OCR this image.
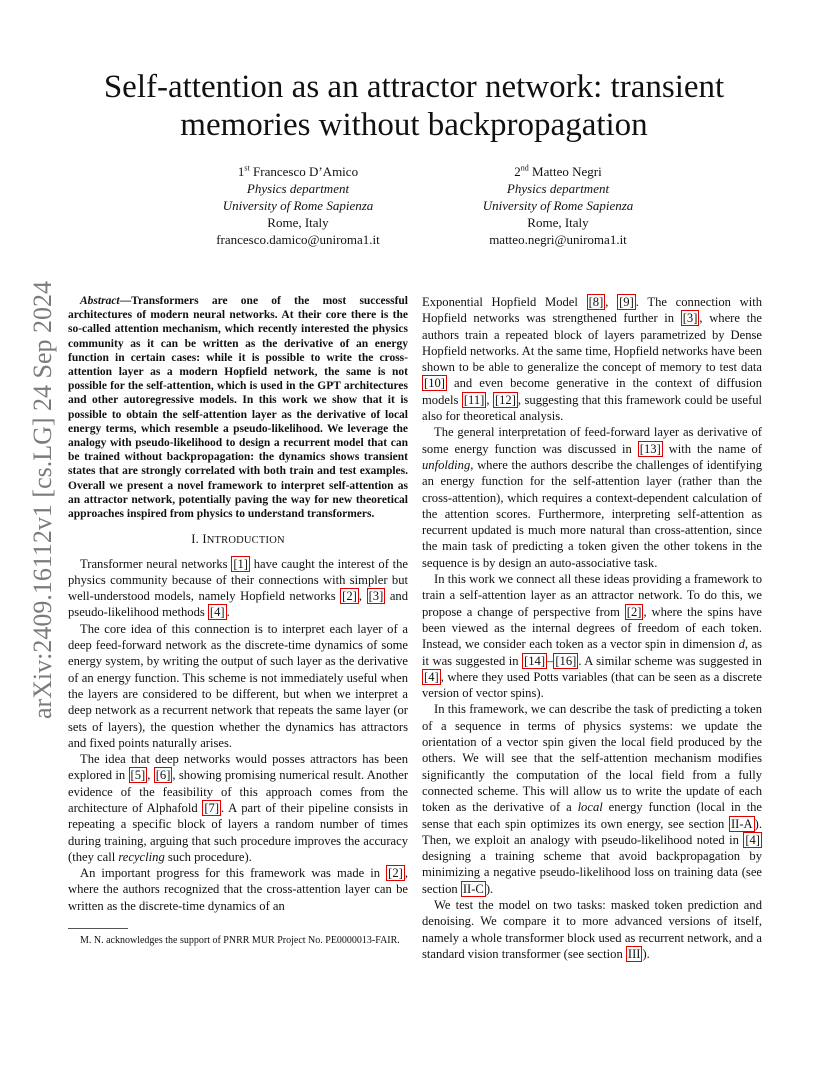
Self-attention as an attractor network: transient memories without backpropagation
1st Francesco D’Amico
Physics department
University of Rome Sapienza
Rome, Italy
francesco.damico@uniroma1.it
2nd Matteo Negri
Physics department
University of Rome Sapienza
Rome, Italy
matteo.negri@uniroma1.it
arXiv:2409.16112v1 [cs.LG] 24 Sep 2024	Abstract—Transformers are one of the most successful architectures of modern neural networks. At their core there is the so-called attention mechanism, which recently interested the physics community as it can be written as the derivative of an energy function in certain cases: while it is possible to write the cross-attention layer as a modern Hopfield network, the same is not possible for the self-attention, which is used in the GPT architectures and other autoregressive models. In this work we show that it is possible to obtain the self-attention layer as the derivative of local energy terms, which resemble a pseudo-likelihood. We leverage the analogy with pseudo-likelihood to design a recurrent model that can be trained without backpropagation: the dynamics shows transient states that are strongly correlated with both train and test examples. Overall we present a novel framework to interpret self-attention as an attractor network, potentially paving the way for new theoretical approaches inspired from physics to understand transformers.

I. INTRODUCTION

Transformer neural networks [1] have caught the interest of the physics community because of their connections with simpler but well-understood models, namely Hopfield networks [2] , [3] and pseudo-likelihood methods [4] .

The core idea of this connection is to interpret each layer of a deep feed-forward network as the discrete-time dynamics of some energy system, by writing the output of such layer as the derivative of an energy function. This scheme is not immediately useful when the layers are considered to be different, but when we interpret a deep network as a recurrent network that repeats the same layer (or sets of layers), the question whether the dynamics has attractors and fixed points naturally arises.

The idea that deep networks would posses attractors has been explored in [5] , [6] , showing promising numerical result. Another evidence of the feasibility of this approach comes from the architecture of Alphafold [7] . A part of their pipeline consists in repeating a specific block of layers a random number of times during training, arguing that such procedure improves the accuracy (they call recycling such procedure).

An important progress for this framework was made in [2] , where the authors recognized that the cross-attention layer can be written as the discrete-time dynamics of an

M. N. acknowledges the support of PNRR MUR Project No. PE0000013-FAIR.

Exponential Hopfield Model [8] , [9] . The connection with Hopfield networks was strengthened further in [3] , where the authors train a repeated block of layers parametrized by Dense Hopfield networks. At the same time, Hopfield networks have been shown to be able to generalize the concept of memory to test data [10] and even become generative in the context of diffusion models [11] , [12] , suggesting that this framework could be useful also for theoretical analysis.

The general interpretation of feed-forward layer as derivative of some energy function was discussed in [13] with the name of unfolding, where the authors describe the challenges of identifying an energy function for the self-attention layer (rather than the cross-attention), which requires a context-dependent calculation of the attention scores. Furthermore, interpreting self-attention as recurrent updated is much more natural than cross-attention, since the main task of predicting a token given the other tokens in the sequence is by design an auto-associative task.

In this work we connect all these ideas providing a framework to train a self-attention layer as an attractor network. To do this, we propose a change of perspective from [2] , where the spins have been viewed as the internal degrees of freedom of each token. Instead, we consider each token as a vector spin in dimension d, as it was suggested in [14] – [16] . A similar scheme was suggested in [4] , where they used Potts variables (that can be seen as a discrete version of vector spins).

In this framework, we can describe the task of predicting a token of a sequence in terms of physics systems: we update the orientation of a vector spin given the local field produced by the others. We will see that the self-attention mechanism modifies significantly the computation of the local field from a fully connected scheme. This will allow us to write the update of each token as the derivative of a local energy function (local in the sense that each spin optimizes its own energy, see section II-A ). Then, we exploit an analogy with pseudo-likelihood noted in [4] designing a training scheme that avoid backpropagation by minimizing a negative pseudo-likelihood loss on training data (see section II-C ).

We test the model on two tasks: masked token prediction and denoising. We compare it to more advanced versions of itself, namely a whole transformer block used as recurrent network, and a standard vision transformer (see section III ).
